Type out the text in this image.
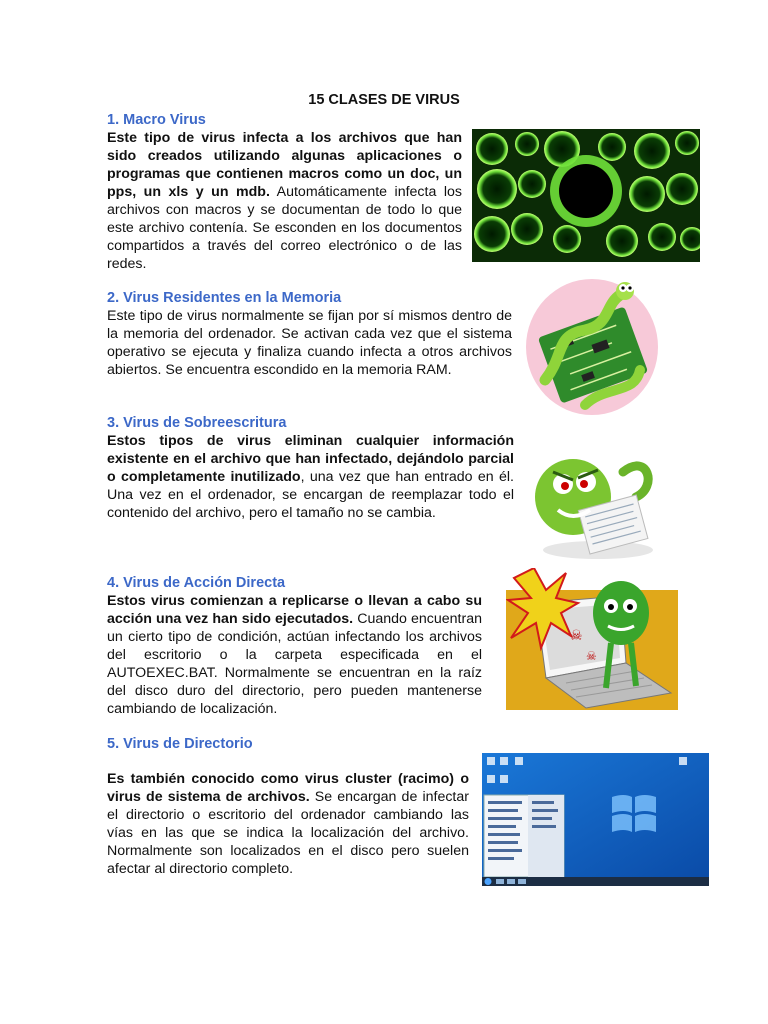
15 CLASES DE VIRUS
1. Macro Virus

Este tipo de virus infecta a los archivos que han sido creados utilizando algunas aplicaciones o programas que contienen macros como un doc, un pps, un xls y un mdb. Automáticamente infecta los archivos con macros y se documentan de todo lo que este archivo contenía. Se esconden en los documentos compartidos a través del correo electrónico o de las redes.

2. Virus Residentes en la Memoria

Este tipo de virus normalmente se fijan por sí mismos dentro de la memoria del ordenador. Se activan cada vez que el sistema operativo se ejecuta y finaliza cuando infecta a otros archivos abiertos. Se encuentra escondido en la memoria RAM.

3. Virus de Sobreescritura

Estos tipos de virus eliminan cualquier información existente en el archivo que han infectado, dejándolo parcial o completamente inutilizado, una vez que han entrado en él. Una vez en el ordenador, se encargan de reemplazar todo el contenido del archivo, pero el tamaño no se cambia.

4. Virus de Acción Directa

Estos virus comienzan a replicarse o llevan a cabo su acción una vez han sido ejecutados. Cuando encuentran un cierto tipo de condición, actúan infectando los archivos del escritorio o la carpeta especificada en el AUTOEXEC.BAT. Normalmente se encuentran en la raíz del disco duro del directorio, pero pueden mantenerse cambiando de localización.

☠
☠
5. Virus de Directorio

Es también conocido como virus cluster (racimo) o virus de sistema de archivos. Se encargan de infectar el directorio o escritorio del ordenador cambiando las vías en las que se indica la localización del archivo. Normalmente son localizados en el disco pero suelen afectar al directorio completo.
